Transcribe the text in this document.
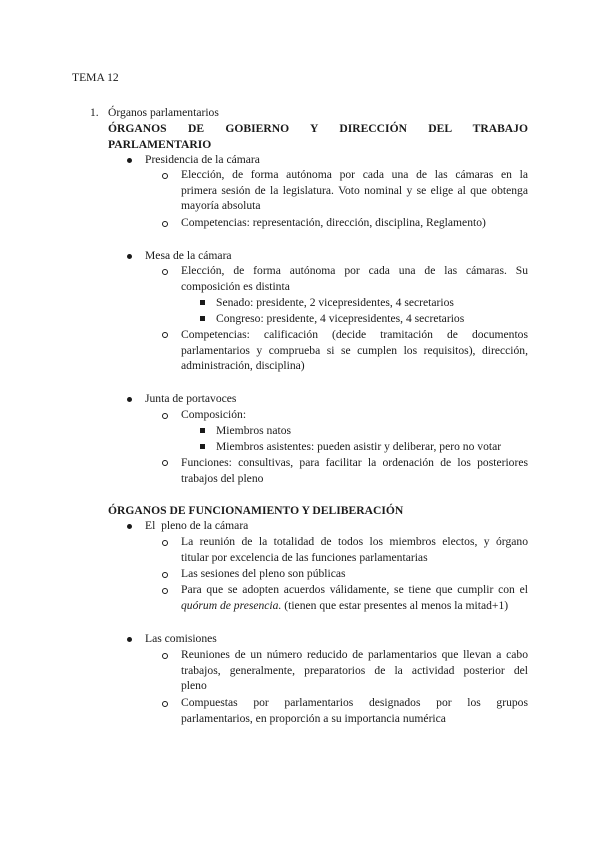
TEMA 12
1. Órganos parlamentarios
ÓRGANOS DE GOBIERNO Y DIRECCIÓN DEL TRABAJO
PARLAMENTARIO
Presidencia de la cámara
Elección, de forma autónoma por cada una de las cámaras en la
primera sesión de la legislatura. Voto nominal y se elige al que obtenga
mayoría absoluta
Competencias: representación, dirección, disciplina, Reglamento)
Mesa de la cámara
Elección, de forma autónoma por cada una de las cámaras. Su
composición es distinta
Senado: presidente, 2 vicepresidentes, 4 secretarios
Congreso: presidente, 4 vicepresidentes, 4 secretarios
Competencias: calificación (decide tramitación de documentos
parlamentarios y comprueba si se cumplen los requisitos), dirección,
administración, disciplina)
Junta de portavoces
Composición:
Miembros natos
Miembros asistentes: pueden asistir y deliberar, pero no votar
Funciones: consultivas, para facilitar la ordenación de los posteriores
trabajos del pleno
ÓRGANOS DE FUNCIONAMIENTO Y DELIBERACIÓN
El  pleno de la cámara
La reunión de la totalidad de todos los miembros electos, y órgano
titular por excelencia de las funciones parlamentarias
Las sesiones del pleno son públicas
Para que se adopten acuerdos válidamente, se tiene que cumplir con el
quórum de presencia. (tienen que estar presentes al menos la mitad+1)
Las comisiones
Reuniones de un número reducido de parlamentarios que llevan a cabo
trabajos, generalmente, preparatorios de la actividad posterior del
pleno
Compuestas por parlamentarios designados por los grupos
parlamentarios, en proporción a su importancia numérica
